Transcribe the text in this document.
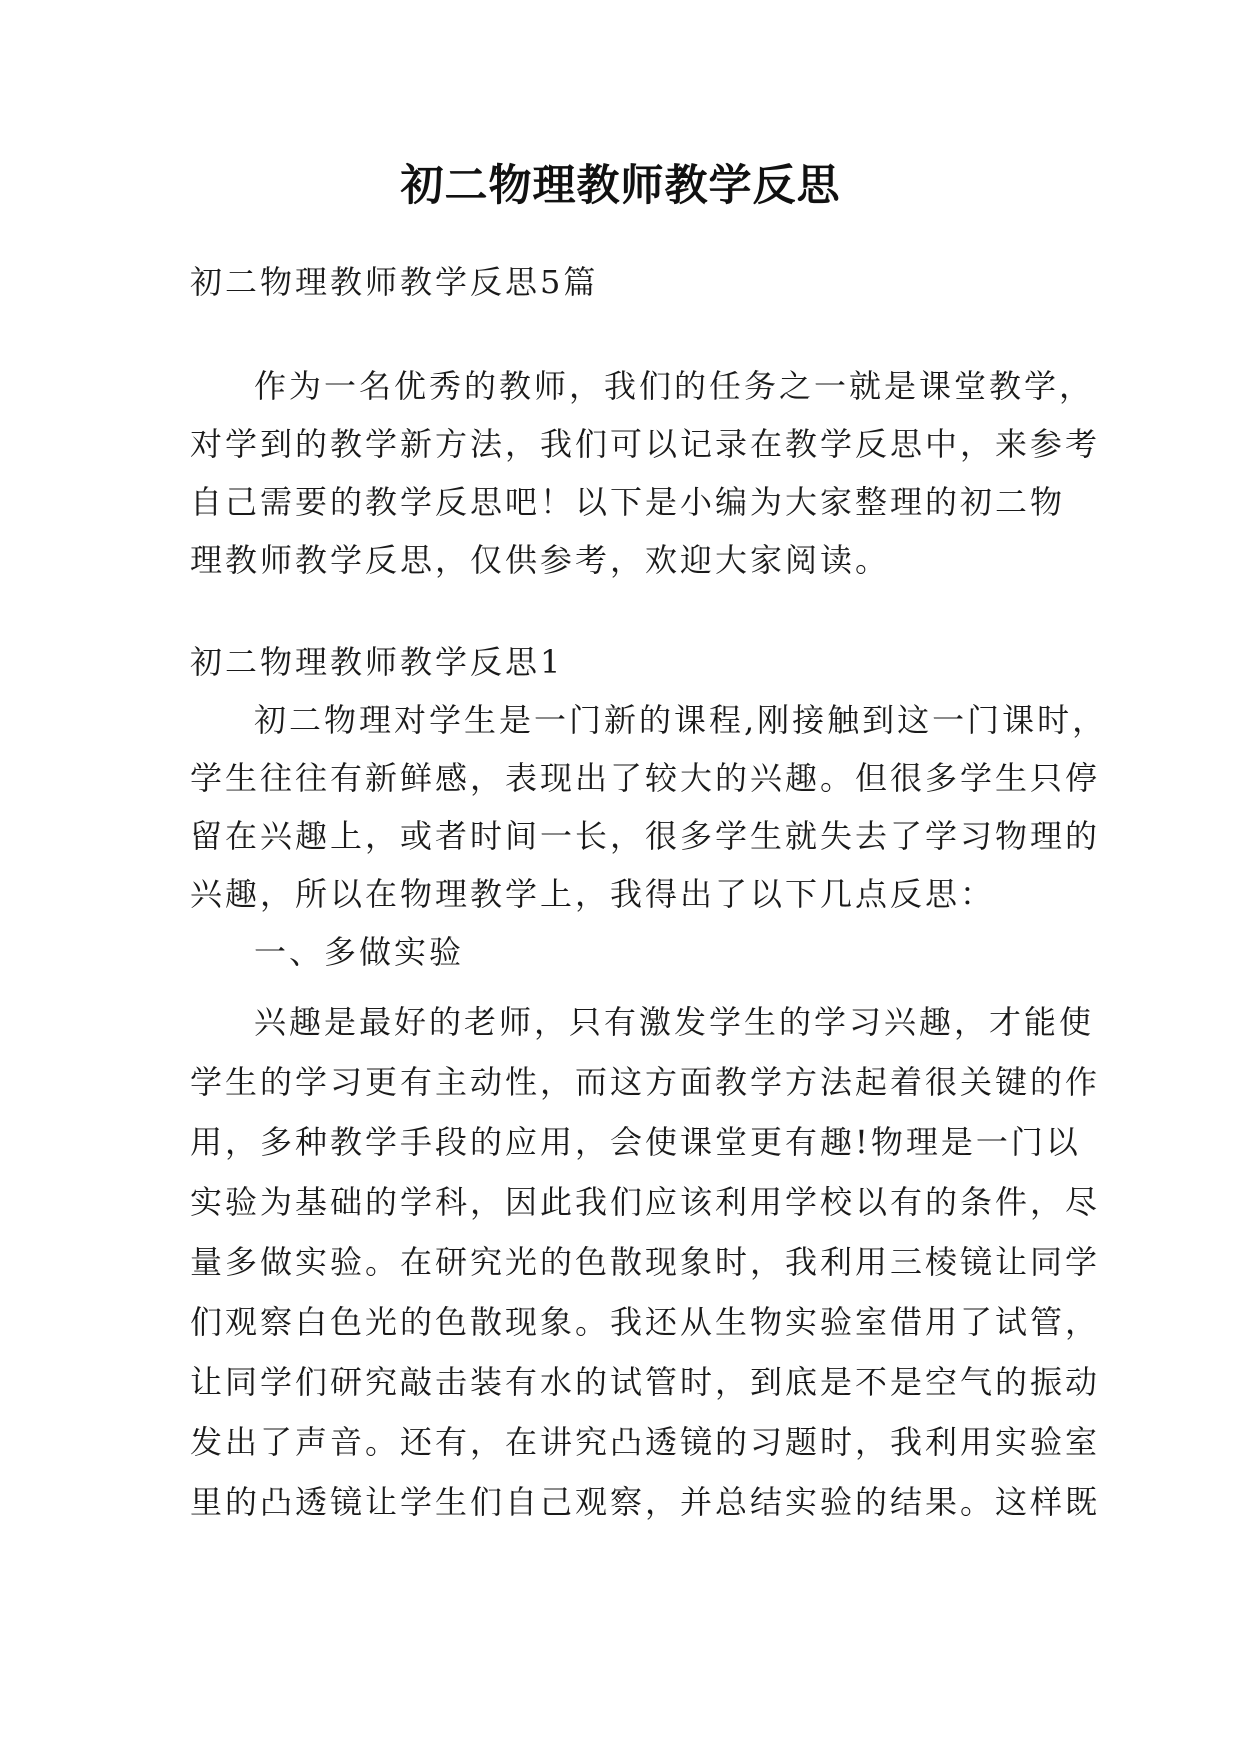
初二物理教师教学反思
初二物理教师教学反思5篇
作为一名优秀的教师，我们的任务之一就是课堂教学，
对学到的教学新方法，我们可以记录在教学反思中，来参考
自己需要的教学反思吧！以下是小编为大家整理的初二物
理教师教学反思，仅供参考，欢迎大家阅读。
初二物理教师教学反思1
初二物理对学生是一门新的课程,刚接触到这一门课时，
学生往往有新鲜感，表现出了较大的兴趣。但很多学生只停
留在兴趣上，或者时间一长，很多学生就失去了学习物理的
兴趣，所以在物理教学上，我得出了以下几点反思：
一、多做实验
兴趣是最好的老师，只有激发学生的学习兴趣，才能使
学生的学习更有主动性，而这方面教学方法起着很关键的作
用，多种教学手段的应用，会使课堂更有趣!物理是一门以
实验为基础的学科，因此我们应该利用学校以有的条件，尽
量多做实验。在研究光的色散现象时，我利用三棱镜让同学
们观察白色光的色散现象。我还从生物实验室借用了试管，
让同学们研究敲击装有水的试管时，到底是不是空气的振动
发出了声音。还有，在讲究凸透镜的习题时，我利用实验室
里的凸透镜让学生们自己观察，并总结实验的结果。这样既
